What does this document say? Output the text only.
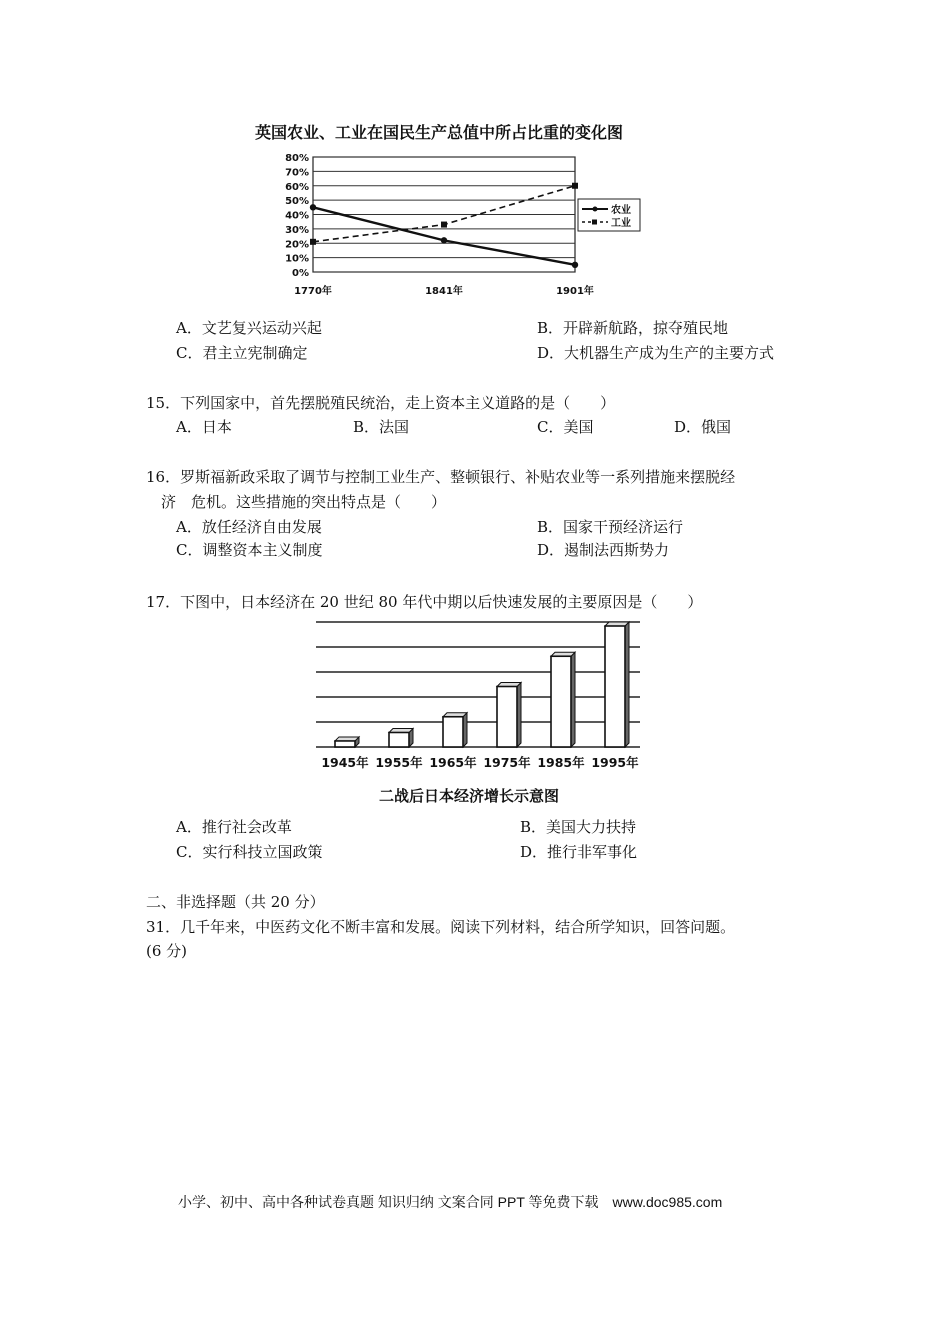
英国农业、工业在国民生产总值中所占比重的变化图
80%
70%
60%
50%
40%
30%
20%
10%
0%
1770年	1841年	1901年
农业
工业
A．文艺复兴运动兴起	B．开辟新航路，掠夺殖民地
C．君主立宪制确定	D．大机器生产成为生产的主要方式
15．下列国家中，首先摆脱殖民统治，走上资本主义道路的是（　　）
A．日本	B．法国	C．美国	D．俄国
16．罗斯福新政采取了调节与控制工业生产、整顿银行、补贴农业等一系列措施来摆脱经
济　危机。这些措施的突出特点是（　　）
A．放任经济自由发展	B．国家干预经济运行
C．调整资本主义制度	D．遏制法西斯势力
17．下图中，日本经济在 20 世纪 80 年代中期以后快速发展的主要原因是（　　）
1945年 1955年 1965年 1975年 1985年 1995年
二战后日本经济增长示意图
A．推行社会改革	B．美国大力扶持
C．实行科技立国政策	D．推行非军事化
二、非选择题（共 20 分）
31．几千年来，中医药文化不断丰富和发展。阅读下列材料，结合所学知识，回答问题。
(6 分)
小学、初中、高中各种试卷真题 知识归纳 文案合同 PPT 等免费下载　www.doc985.com
